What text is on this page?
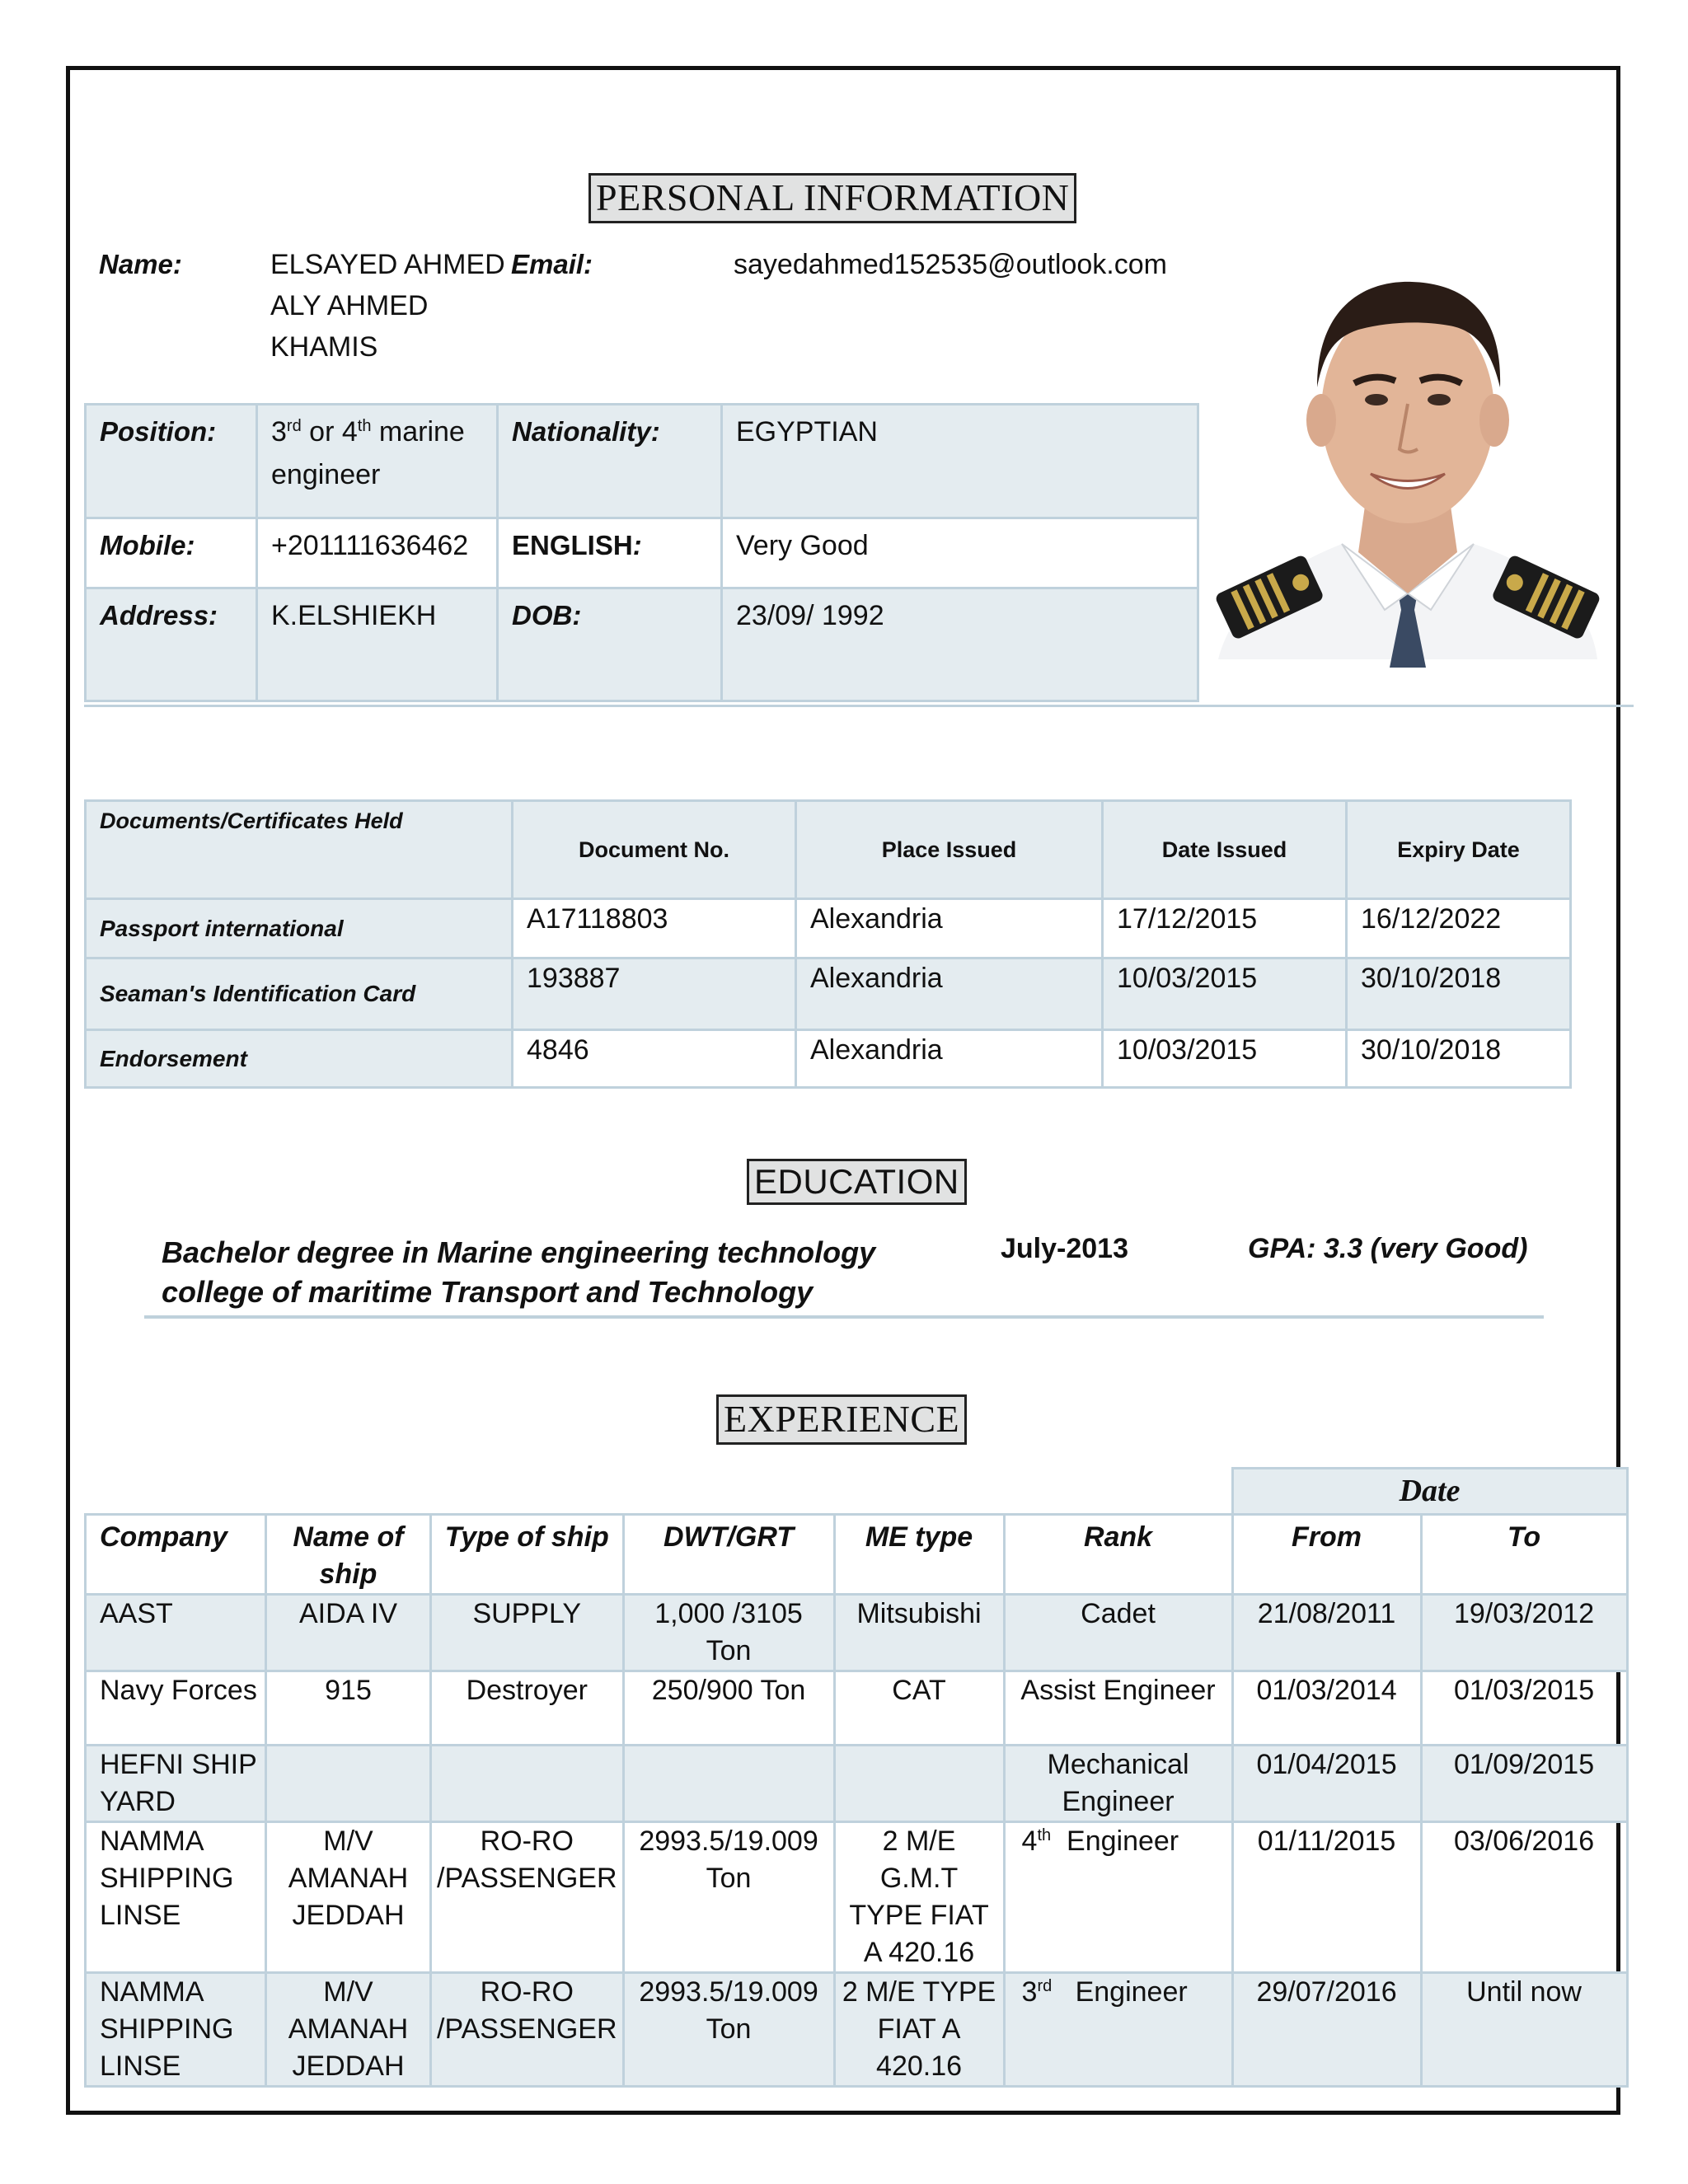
PERSONAL INFORMATION
Name:	ELSAYED AHMED
ALY AHMED
KHAMIS
Email:	sayedahmed152535@outlook.com
Position:	3rd or 4th marine engineer	Nationality:	EGYPTIAN
Mobile:	+201111636462	ENGLISH:	Very Good
Address:	K.ELSHIEKH	DOB:	23/09/ 1992
Documents/Certificates Held	Document No.	Place Issued	Date Issued	Expiry Date
Passport international	A17118803	Alexandria	17/12/2015	16/12/2022
Seaman's Identification Card	193887	Alexandria	10/03/2015	30/10/2018
Endorsement	4846	Alexandria	10/03/2015	30/10/2018
EDUCATION
Bachelor degree in Marine engineering technology college of maritime Transport and Technology
July-2013	GPA: 3.3 (very Good)
EXPERIENCE
						Date	
Company	Name of ship	Type of ship	DWT/GRT	ME type	Rank	From	To
AAST	AIDA IV	SUPPLY	1,000 /3105 Ton	Mitsubishi	Cadet	21/08/2011	19/03/2012
Navy Forces	915	Destroyer	250/900 Ton	CAT	Assist Engineer	01/03/2014	01/03/2015
HEFNI SHIP YARD					Mechanical Engineer	01/04/2015	01/09/2015
NAMMA SHIPPING LINSE	M/V AMANAH JEDDAH	RO-RO /PASSENGER	2993.5/19.009 Ton	2 M/E G.M.T TYPE FIAT A 420.16	4th  Engineer	01/11/2015	03/06/2016
NAMMA SHIPPING LINSE	M/V AMANAH JEDDAH	RO-RO /PASSENGER	2993.5/19.009 Ton	2 M/E TYPE FIAT A 420.16	3rd   Engineer	29/07/2016	Until now
